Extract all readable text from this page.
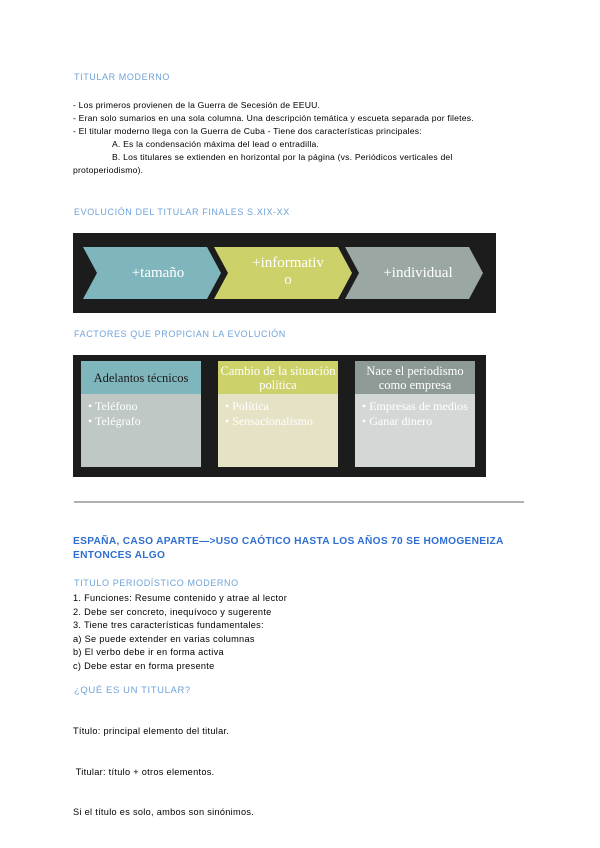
TITULAR MODERNO
- Los primeros provienen de la Guerra de Secesión de EEUU.
- Eran solo sumarios en una sola columna. Una descripción temática y escueta separada por filetes.
- El titular moderno llega con la Guerra de Cuba - Tiene dos características principales:
A. Es la condensación máxima del lead o entradilla.
B. Los titulares se extienden en horizontal por la página (vs. Periódicos verticales del
protoperiodismo).
EVOLUCIÓN DEL TITULAR FINALES S.XIX-XX
+tamaño
+informativ
o	+individual
FACTORES QUE PROPICIAN LA EVOLUCIÓN
Adelantos técnicos
• Teléfono
• Telégrafo
Cambio de la situación política
• Política
• Sensacionalismo
Nace el periodismo como empresa
• Empresas de medios
• Ganar dinero
ESPAÑA, CASO APARTE—>USO CAÓTICO HASTA LOS AÑOS 70 SE HOMOGENEIZA ENTONCES ALGO
TITULO PERIODÍSTICO MODERNO
1. Funciones: Resume contenido y atrae al lector
2. Debe ser concreto, inequívoco y sugerente
3. Tiene tres características fundamentales:
a) Se puede extender en varias columnas
b) El verbo debe ir en forma activa
c) Debe estar en forma presente
¿QUÉ ES UN TITULAR?

Título: principal elemento del titular.

Titular: título + otros elementos.

Si el título es solo, ambos son sinónimos.
